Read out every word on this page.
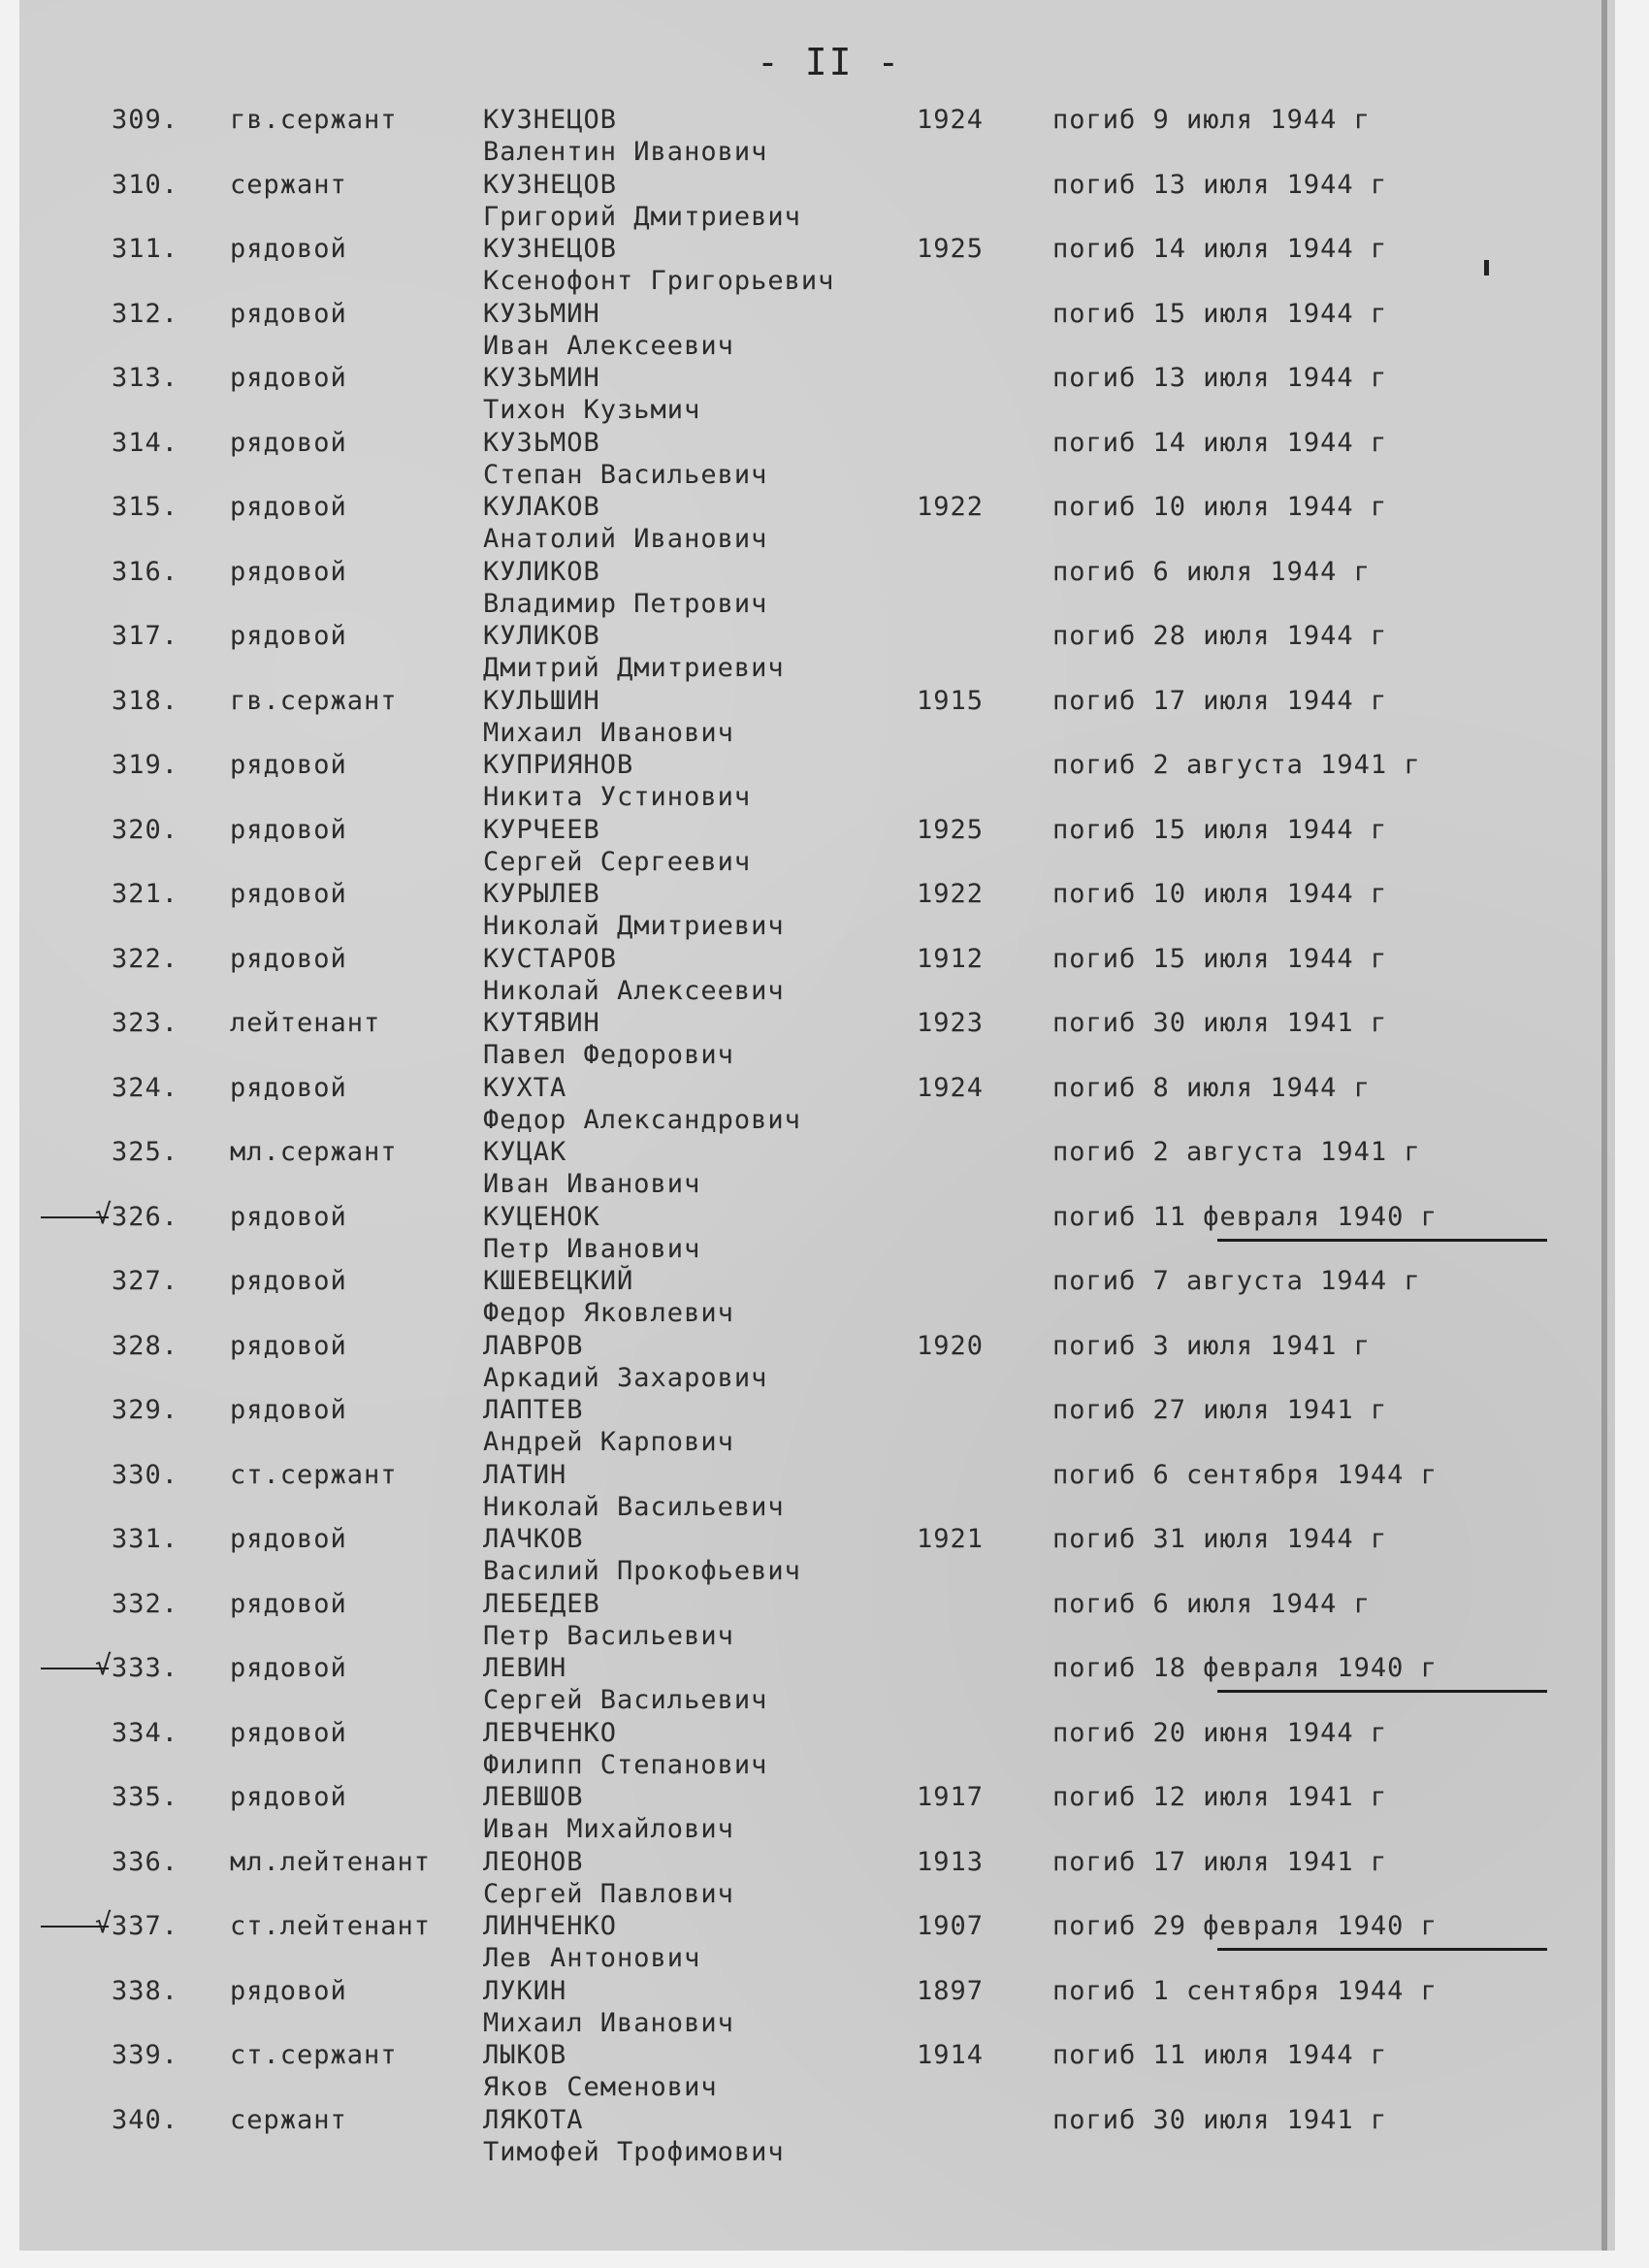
- II -
309. гв.сержант	КУЗНЕЦОВ	1924	погиб 9 июля 1944 г
Валентин Иванович
310. сержант	КУЗНЕЦОВ	погиб 13 июля 1944 г
Григорий Дмитриевич
311. рядовой	КУЗНЕЦОВ	1925	погиб 14 июля 1944 г
Ксенофонт Григорьевич
312. рядовой	КУЗЬМИН	погиб 15 июля 1944 г
Иван Алексеевич
313. рядовой	КУЗЬМИН	погиб 13 июля 1944 г
Тихон Кузьмич
314. рядовой	КУЗЬМОВ	погиб 14 июля 1944 г
Степан Васильевич
315. рядовой	КУЛАКОВ	1922	погиб 10 июля 1944 г
Анатолий Иванович
316. рядовой	КУЛИКОВ	погиб 6 июля 1944 г
Владимир Петрович
317. рядовой	КУЛИКОВ	погиб 28 июля 1944 г
Дмитрий Дмитриевич
318. гв.сержант	КУЛЬШИН	1915	погиб 17 июля 1944 г
Михаил Иванович
319. рядовой	КУПРИЯНОВ	погиб 2 августа 1941 г
Никита Устинович
320. рядовой	КУРЧЕЕВ	1925	погиб 15 июля 1944 г
Сергей Сергеевич
321. рядовой	КУРЫЛЕВ	1922	погиб 10 июля 1944 г
Николай Дмитриевич
322. рядовой	КУСТАРОВ	1912	погиб 15 июля 1944 г
Николай Алексеевич
323. лейтенант	КУТЯВИН	1923	погиб 30 июля 1941 г
Павел Федорович
324. рядовой	КУХТА	1924	погиб 8 июля 1944 г
Федор Александрович
325. мл.сержант	КУЦАК	погиб 2 августа 1941 г
Иван Иванович
326. рядовой	КУЦЕНОК	погиб 11 февраля 1940 г
Петр Иванович
√
327. рядовой	КШЕВЕЦКИЙ	погиб 7 августа 1944 г
Федор Яковлевич
328. рядовой	ЛАВРОВ	1920	погиб 3 июля 1941 г
Аркадий Захарович
329. рядовой	ЛАПТЕВ	погиб 27 июля 1941 г
Андрей Карпович
330. ст.сержант	ЛАТИН	погиб 6 сентября 1944 г
Николай Васильевич
331. рядовой	ЛАЧКОВ	1921	погиб 31 июля 1944 г
Василий Прокофьевич
332. рядовой	ЛЕБЕДЕВ	погиб 6 июля 1944 г
Петр Васильевич
333. рядовой	ЛЕВИН	погиб 18 февраля 1940 г
Сергей Васильевич
√
334. рядовой	ЛЕВЧЕНКО	погиб 20 июня 1944 г
Филипп Степанович
335. рядовой	ЛЕВШОВ	1917	погиб 12 июля 1941 г
Иван Михайлович
336. мл.лейтенант ЛЕОНОВ	1913	погиб 17 июля 1941 г
Сергей Павлович
337. ст.лейтенант ЛИНЧЕНКО	1907	погиб 29 февраля 1940 г
Лев Антонович
√
338. рядовой	ЛУКИН	1897	погиб 1 сентября 1944 г
Михаил Иванович
339. ст.сержант	ЛЫКОВ	1914	погиб 11 июля 1944 г
Яков Семенович
340. сержант	ЛЯКОТА	погиб 30 июля 1941 г
Тимофей Трофимович
